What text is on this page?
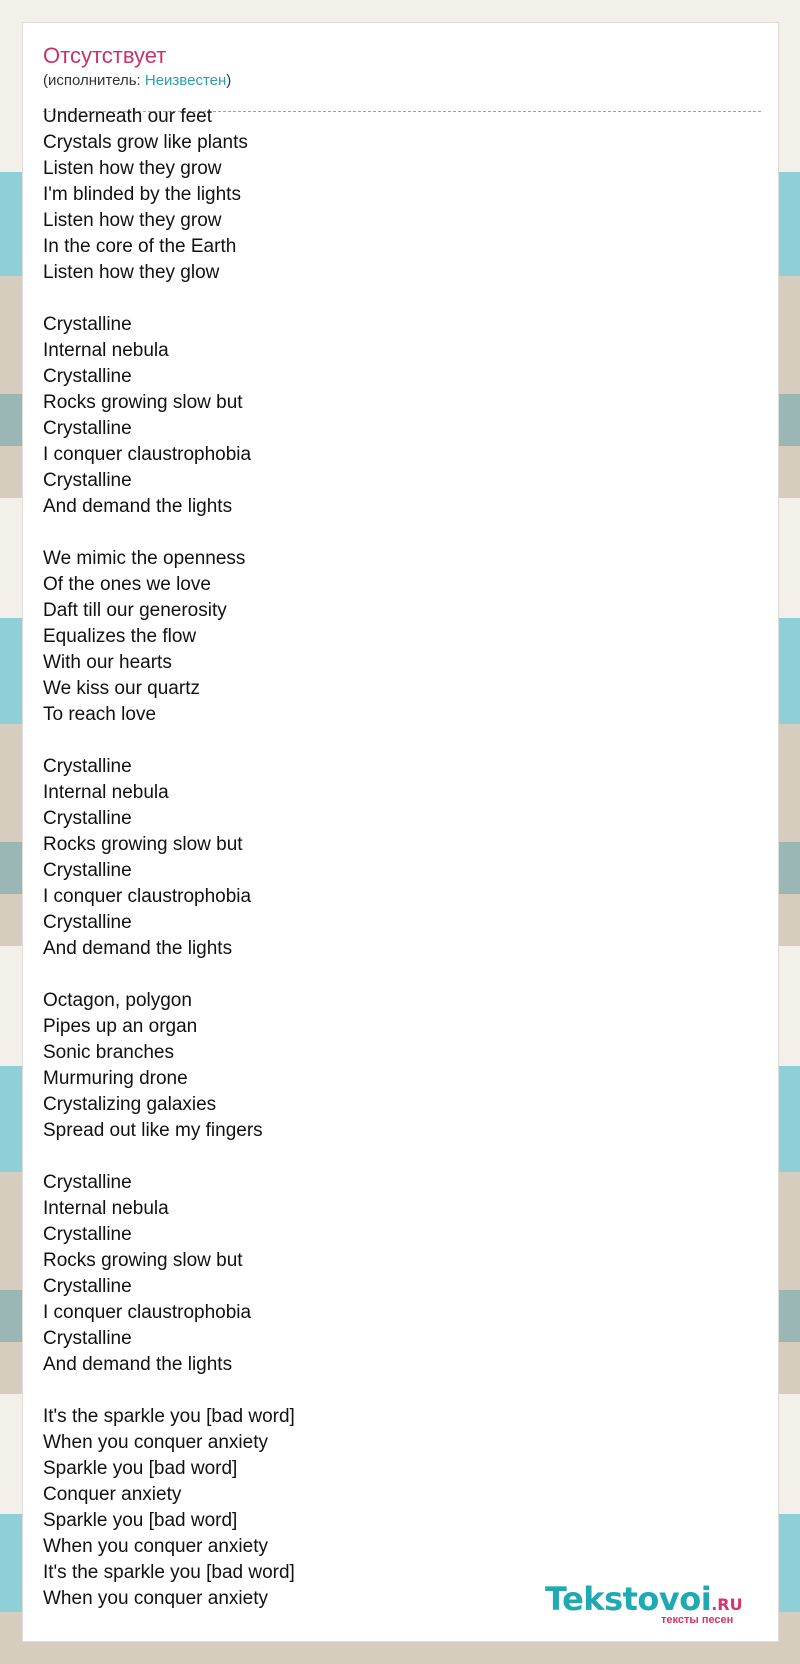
Отсутствует
(исполнитель: Неизвестен)
Underneath our feet
Crystals grow like plants
Listen how they grow
I'm blinded by the lights
Listen how they grow
In the core of the Earth
Listen how they glow
Crystalline
Internal nebula
Crystalline
Rocks growing slow but
Crystalline
I conquer claustrophobia
Crystalline
And demand the lights
We mimic the openness
Of the ones we love
Daft till our generosity
Equalizes the flow
With our hearts
We kiss our quartz
To reach love
Crystalline
Internal nebula
Crystalline
Rocks growing slow but
Crystalline
I conquer claustrophobia
Crystalline
And demand the lights
Octagon, polygon
Pipes up an organ
Sonic branches
Murmuring drone
Crystalizing galaxies
Spread out like my fingers
Crystalline
Internal nebula
Crystalline
Rocks growing slow but
Crystalline
I conquer claustrophobia
Crystalline
And demand the lights
It's the sparkle you [bad word]
When you conquer anxiety
Sparkle you [bad word]
Conquer anxiety
Sparkle you [bad word]
When you conquer anxiety
It's the sparkle you [bad word]
When you conquer anxiety	Tekstovoi.RU
тексты песен
